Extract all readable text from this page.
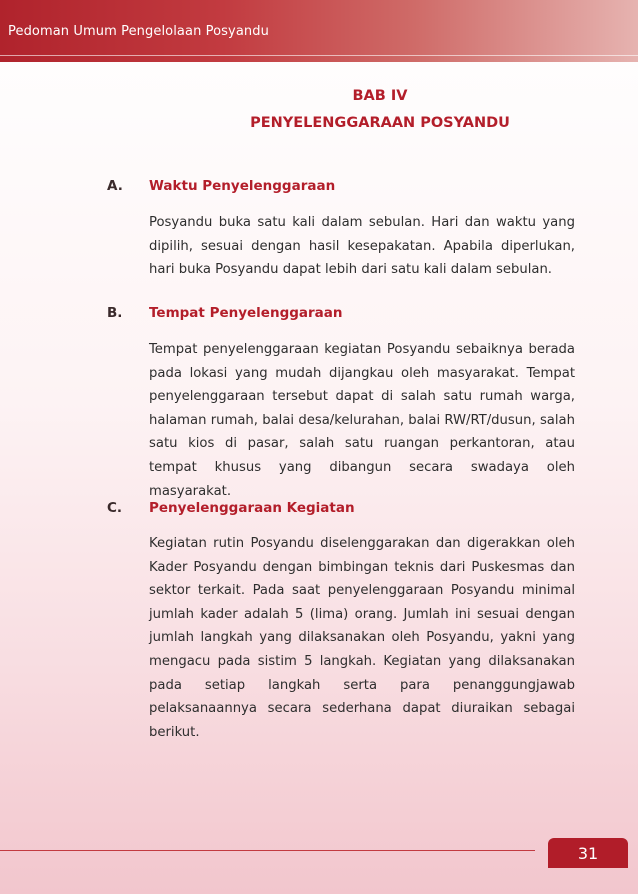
Pedoman Umum Pengelolaan Posyandu
BAB IV
PENYELENGGARAAN POSYANDU
A. Waktu Penyelenggaraan
Posyandu buka satu kali dalam sebulan. Hari dan waktu yang dipilih, sesuai dengan hasil kesepakatan. Apabila diperlukan, hari buka Posyandu dapat lebih dari satu kali dalam sebulan.
B. Tempat Penyelenggaraan
Tempat penyelenggaraan kegiatan Posyandu sebaiknya berada pada lokasi yang mudah dijangkau oleh masyarakat. Tempat penyelenggaraan tersebut dapat di salah satu rumah warga, halaman rumah, balai desa/kelurahan, balai RW/RT/dusun, salah satu kios di pasar, salah satu ruangan perkantoran, atau tempat khusus yang dibangun secara swadaya oleh masyarakat.
C. Penyelenggaraan Kegiatan
Kegiatan rutin Posyandu diselenggarakan dan digerakkan oleh Kader Posyandu dengan bimbingan teknis dari Puskesmas dan sektor terkait. Pada saat penyelenggaraan Posyandu minimal jumlah kader adalah 5 (lima) orang. Jumlah ini sesuai dengan jumlah langkah yang dilaksanakan oleh Posyandu, yakni yang mengacu pada sistim 5 langkah. Kegiatan yang dilaksanakan pada setiap langkah serta para penanggungjawab pelaksanaannya secara sederhana dapat diuraikan sebagai berikut.
31
